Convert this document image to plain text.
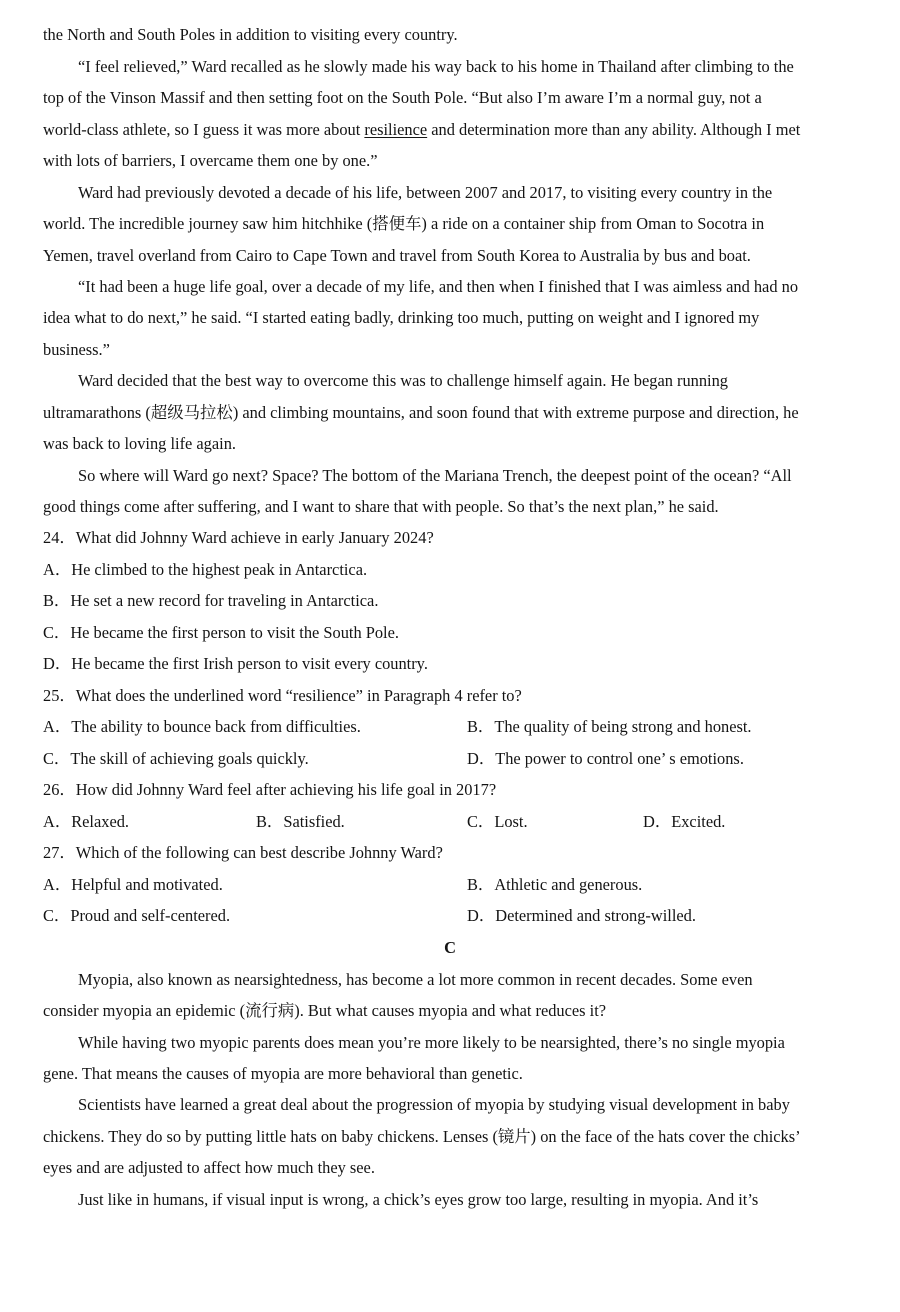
the North and South Poles in addition to visiting every country.
“I feel relieved,” Ward recalled as he slowly made his way back to his home in Thailand after climbing to the
top of the Vinson Massif and then setting foot on the South Pole. “But also I’m aware I’m a normal guy, not a
world-class athlete, so I guess it was more about resilience and determination more than any ability. Although I met
with lots of barriers, I overcame them one by one.”
Ward had previously devoted a decade of his life, between 2007 and 2017, to visiting every country in the
world. The incredible journey saw him hitchhike (搭便车) a ride on a container ship from Oman to Socotra in
Yemen, travel overland from Cairo to Cape Town and travel from South Korea to Australia by bus and boat.
“It had been a huge life goal, over a decade of my life, and then when I finished that I was aimless and had no
idea what to do next,” he said. “I started eating badly, drinking too much, putting on weight and I ignored my
business.”
Ward decided that the best way to overcome this was to challenge himself again. He began running
ultramarathons (超级马拉松) and climbing mountains, and soon found that with extreme purpose and direction, he
was back to loving life again.
So where will Ward go next? Space? The bottom of the Mariana Trench, the deepest point of the ocean? “All
good things come after suffering, and I want to share that with people. So that’s the next plan,” he said.
24．What did Johnny Ward achieve in early January 2024?
A．He climbed to the highest peak in Antarctica.
B．He set a new record for traveling in Antarctica.
C．He became the first person to visit the South Pole.
D．He became the first Irish person to visit every country.
25．What does the underlined word “resilience” in Paragraph 4 refer to?
A．The ability to bounce back from difficulties.	B．The quality of being strong and honest.
C．The skill of achieving goals quickly.	D．The power to control one’ s emotions.
26．How did Johnny Ward feel after achieving his life goal in 2017?
A．Relaxed.	B．Satisfied.	C．Lost.	D．Excited.
27．Which of the following can best describe Johnny Ward?
A．Helpful and motivated.	B．Athletic and generous.
C．Proud and self-centered.	D．Determined and strong-willed.
C
Myopia, also known as nearsightedness, has become a lot more common in recent decades. Some even
consider myopia an epidemic (流行病). But what causes myopia and what reduces it?
While having two myopic parents does mean you’re more likely to be nearsighted, there’s no single myopia
gene. That means the causes of myopia are more behavioral than genetic.
Scientists have learned a great deal about the progression of myopia by studying visual development in baby
chickens. They do so by putting little hats on baby chickens. Lenses (镜片) on the face of the hats cover the chicks’
eyes and are adjusted to affect how much they see.
Just like in humans, if visual input is wrong, a chick’s eyes grow too large, resulting in myopia. And it’s
